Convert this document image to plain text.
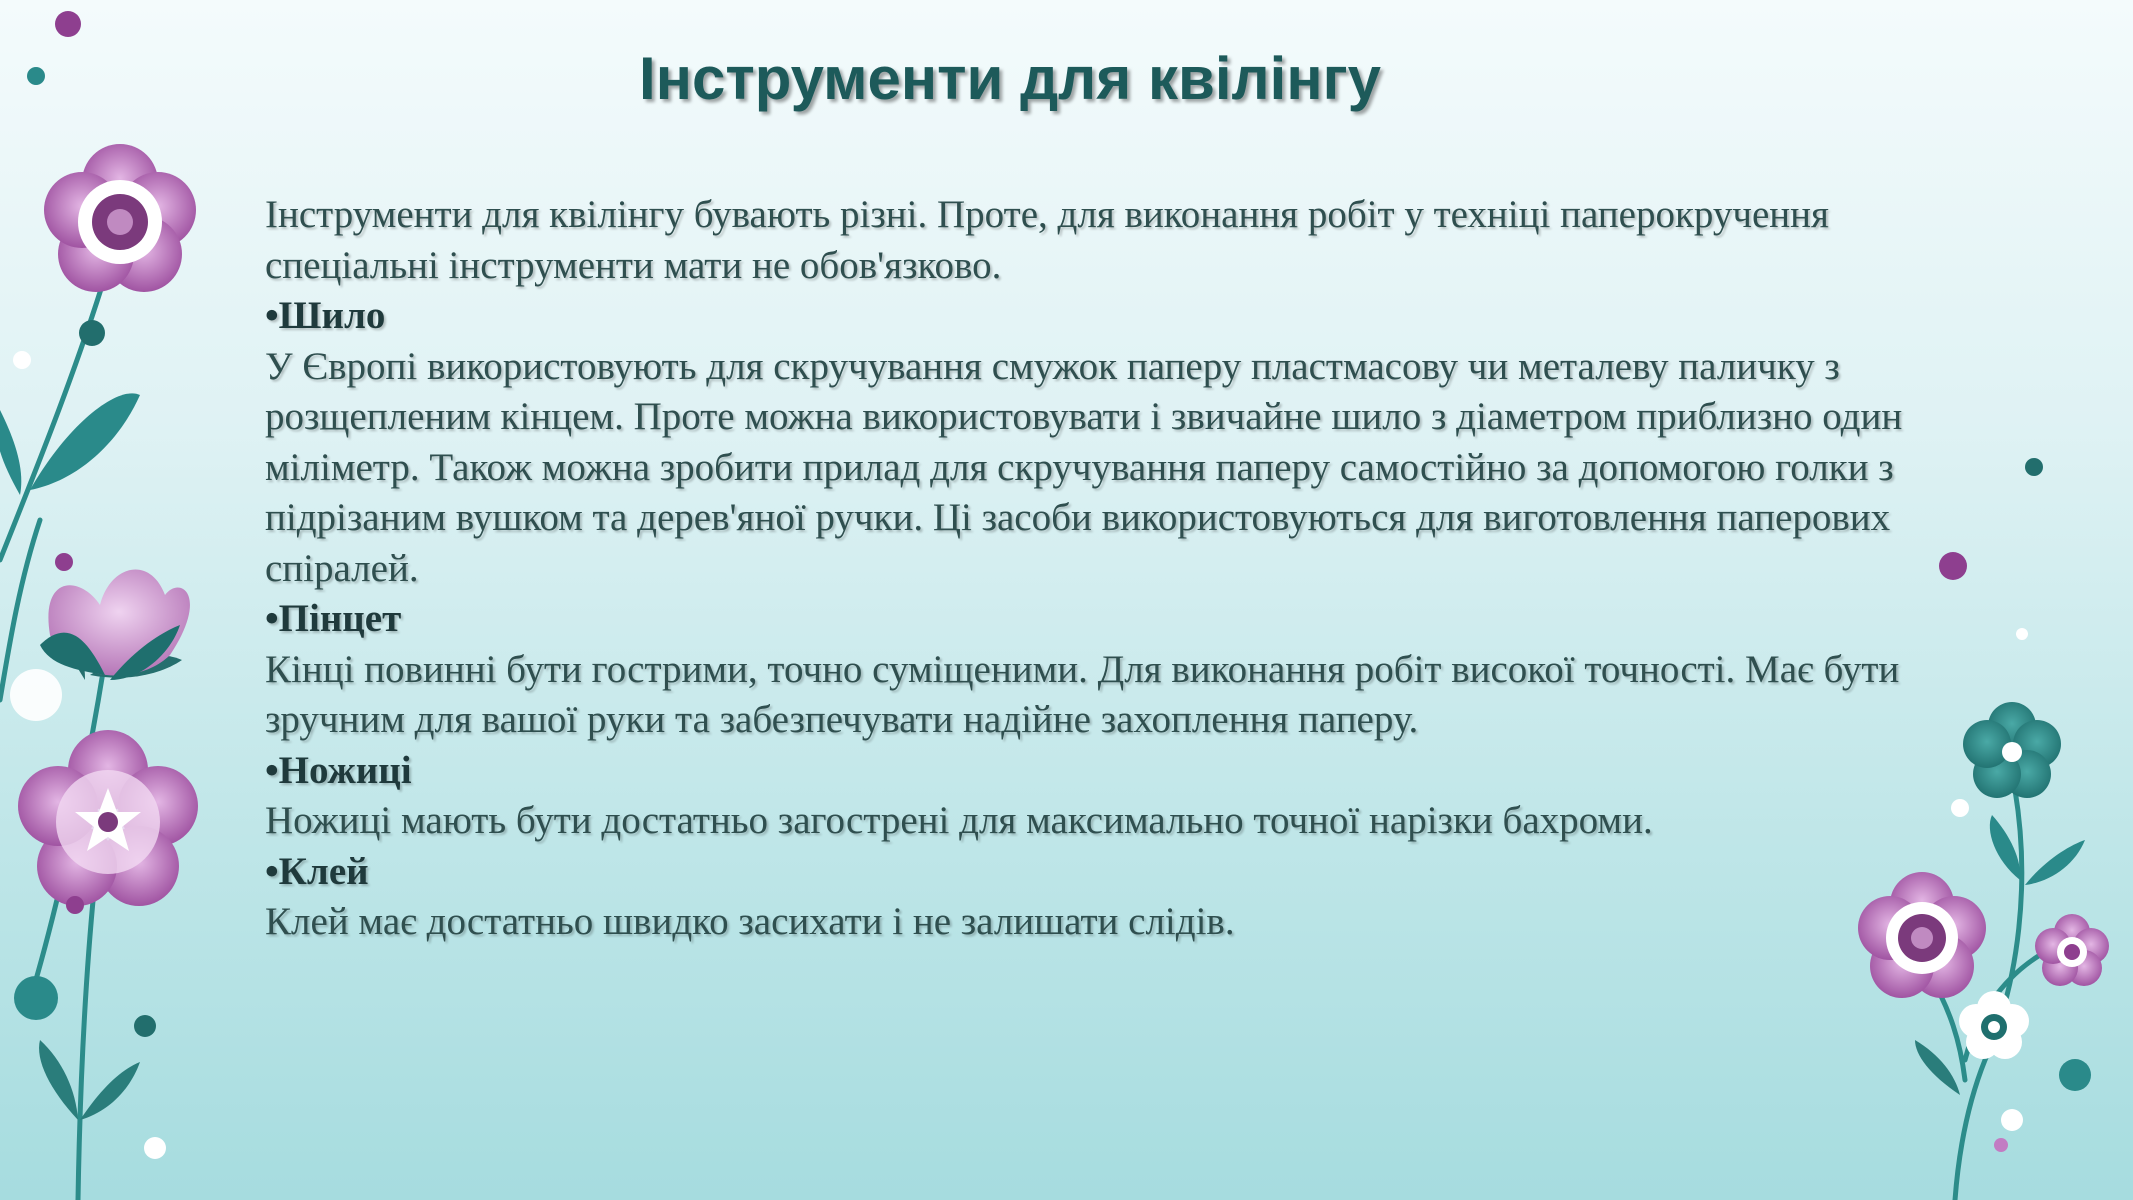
Інструменти для квілінгу

Інструменти для квілінгу бувають різні. Проте, для виконання робіт у техніці паперокручення спеціальні інструменти мати не обов'язково.

•Шило

У Європі використовують для скручування смужок паперу пластмасову чи металеву паличку з розщепленим кінцем. Проте можна використовувати і звичайне шило з діаметром приблизно один міліметр. Також можна зробити прилад для скручування паперу самостійно за допомогою голки з підрізаним вушком та дерев'яної ручки. Ці засоби використовуються для виготовлення паперових спіралей.

•Пінцет

Кінці повинні бути гострими, точно суміщеними. Для виконання робіт високої точності. Має бути зручним для вашої руки та забезпечувати надійне захоплення паперу.

•Ножиці

Ножиці мають бути достатньо загострені для максимально точної нарізки бахроми.

•Клей

Клей має достатньо швидко засихати і не залишати слідів.
